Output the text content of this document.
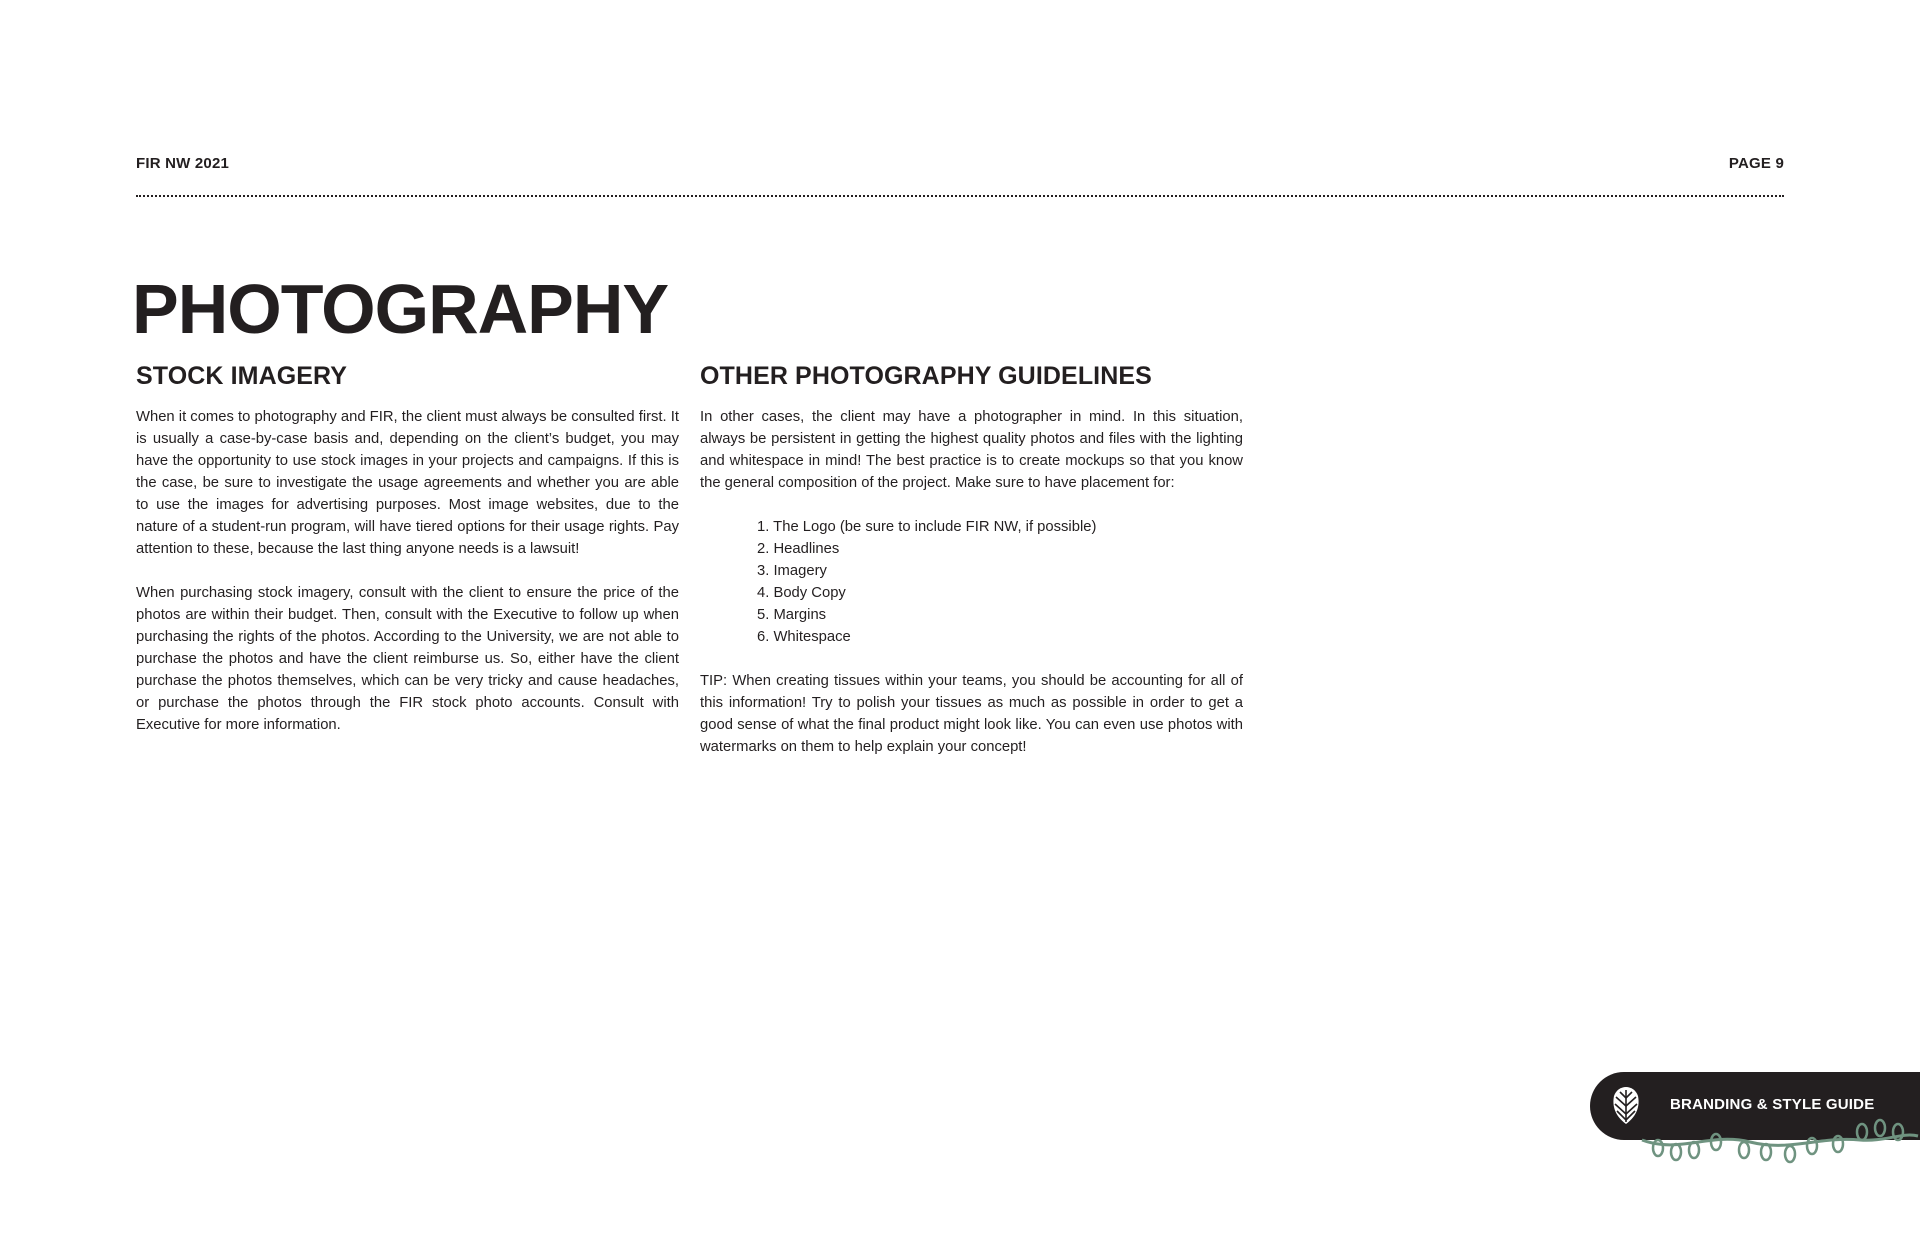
FIR NW 2021	PAGE 9
PHOTOGRAPHY
STOCK IMAGERY

When it comes to photography and FIR, the client must always be consulted first. It is usually a case-by-case basis and, depending on the client’s budget, you may have the opportunity to use stock images in your projects and campaigns. If this is the case, be sure to investigate the usage agreements and whether you are able to use the images for advertising purposes. Most image websites, due to the nature of a student-run program, will have tiered options for their usage rights. Pay attention to these, because the last thing anyone needs is a lawsuit!

When purchasing stock imagery, consult with the client to ensure the price of the photos are within their budget. Then, consult with the Executive to follow up when purchasing the rights of the photos. According to the University, we are not able to purchase the photos and have the client reimburse us. So, either have the client purchase the photos themselves, which can be very tricky and cause headaches, or purchase the photos through the FIR stock photo accounts. Consult with Executive for more information.

OTHER PHOTOGRAPHY GUIDELINES

In other cases, the client may have a photographer in mind. In this situation, always be persistent in getting the highest quality photos and files with the lighting and whitespace in mind! The best practice is to create mockups so that you know the general composition of the project. Make sure to have placement for:

1. The Logo (be sure to include FIR NW, if possible)
2. Headlines
3. Imagery
4. Body Copy
5. Margins
6. Whitespace

TIP: When creating tissues within your teams, you should be accounting for all of this information! Try to polish your tissues as much as possible in order to get a good sense of what the final product might look like. You can even use photos with watermarks on them to help explain your concept!

BRANDING & STYLE GUIDE
